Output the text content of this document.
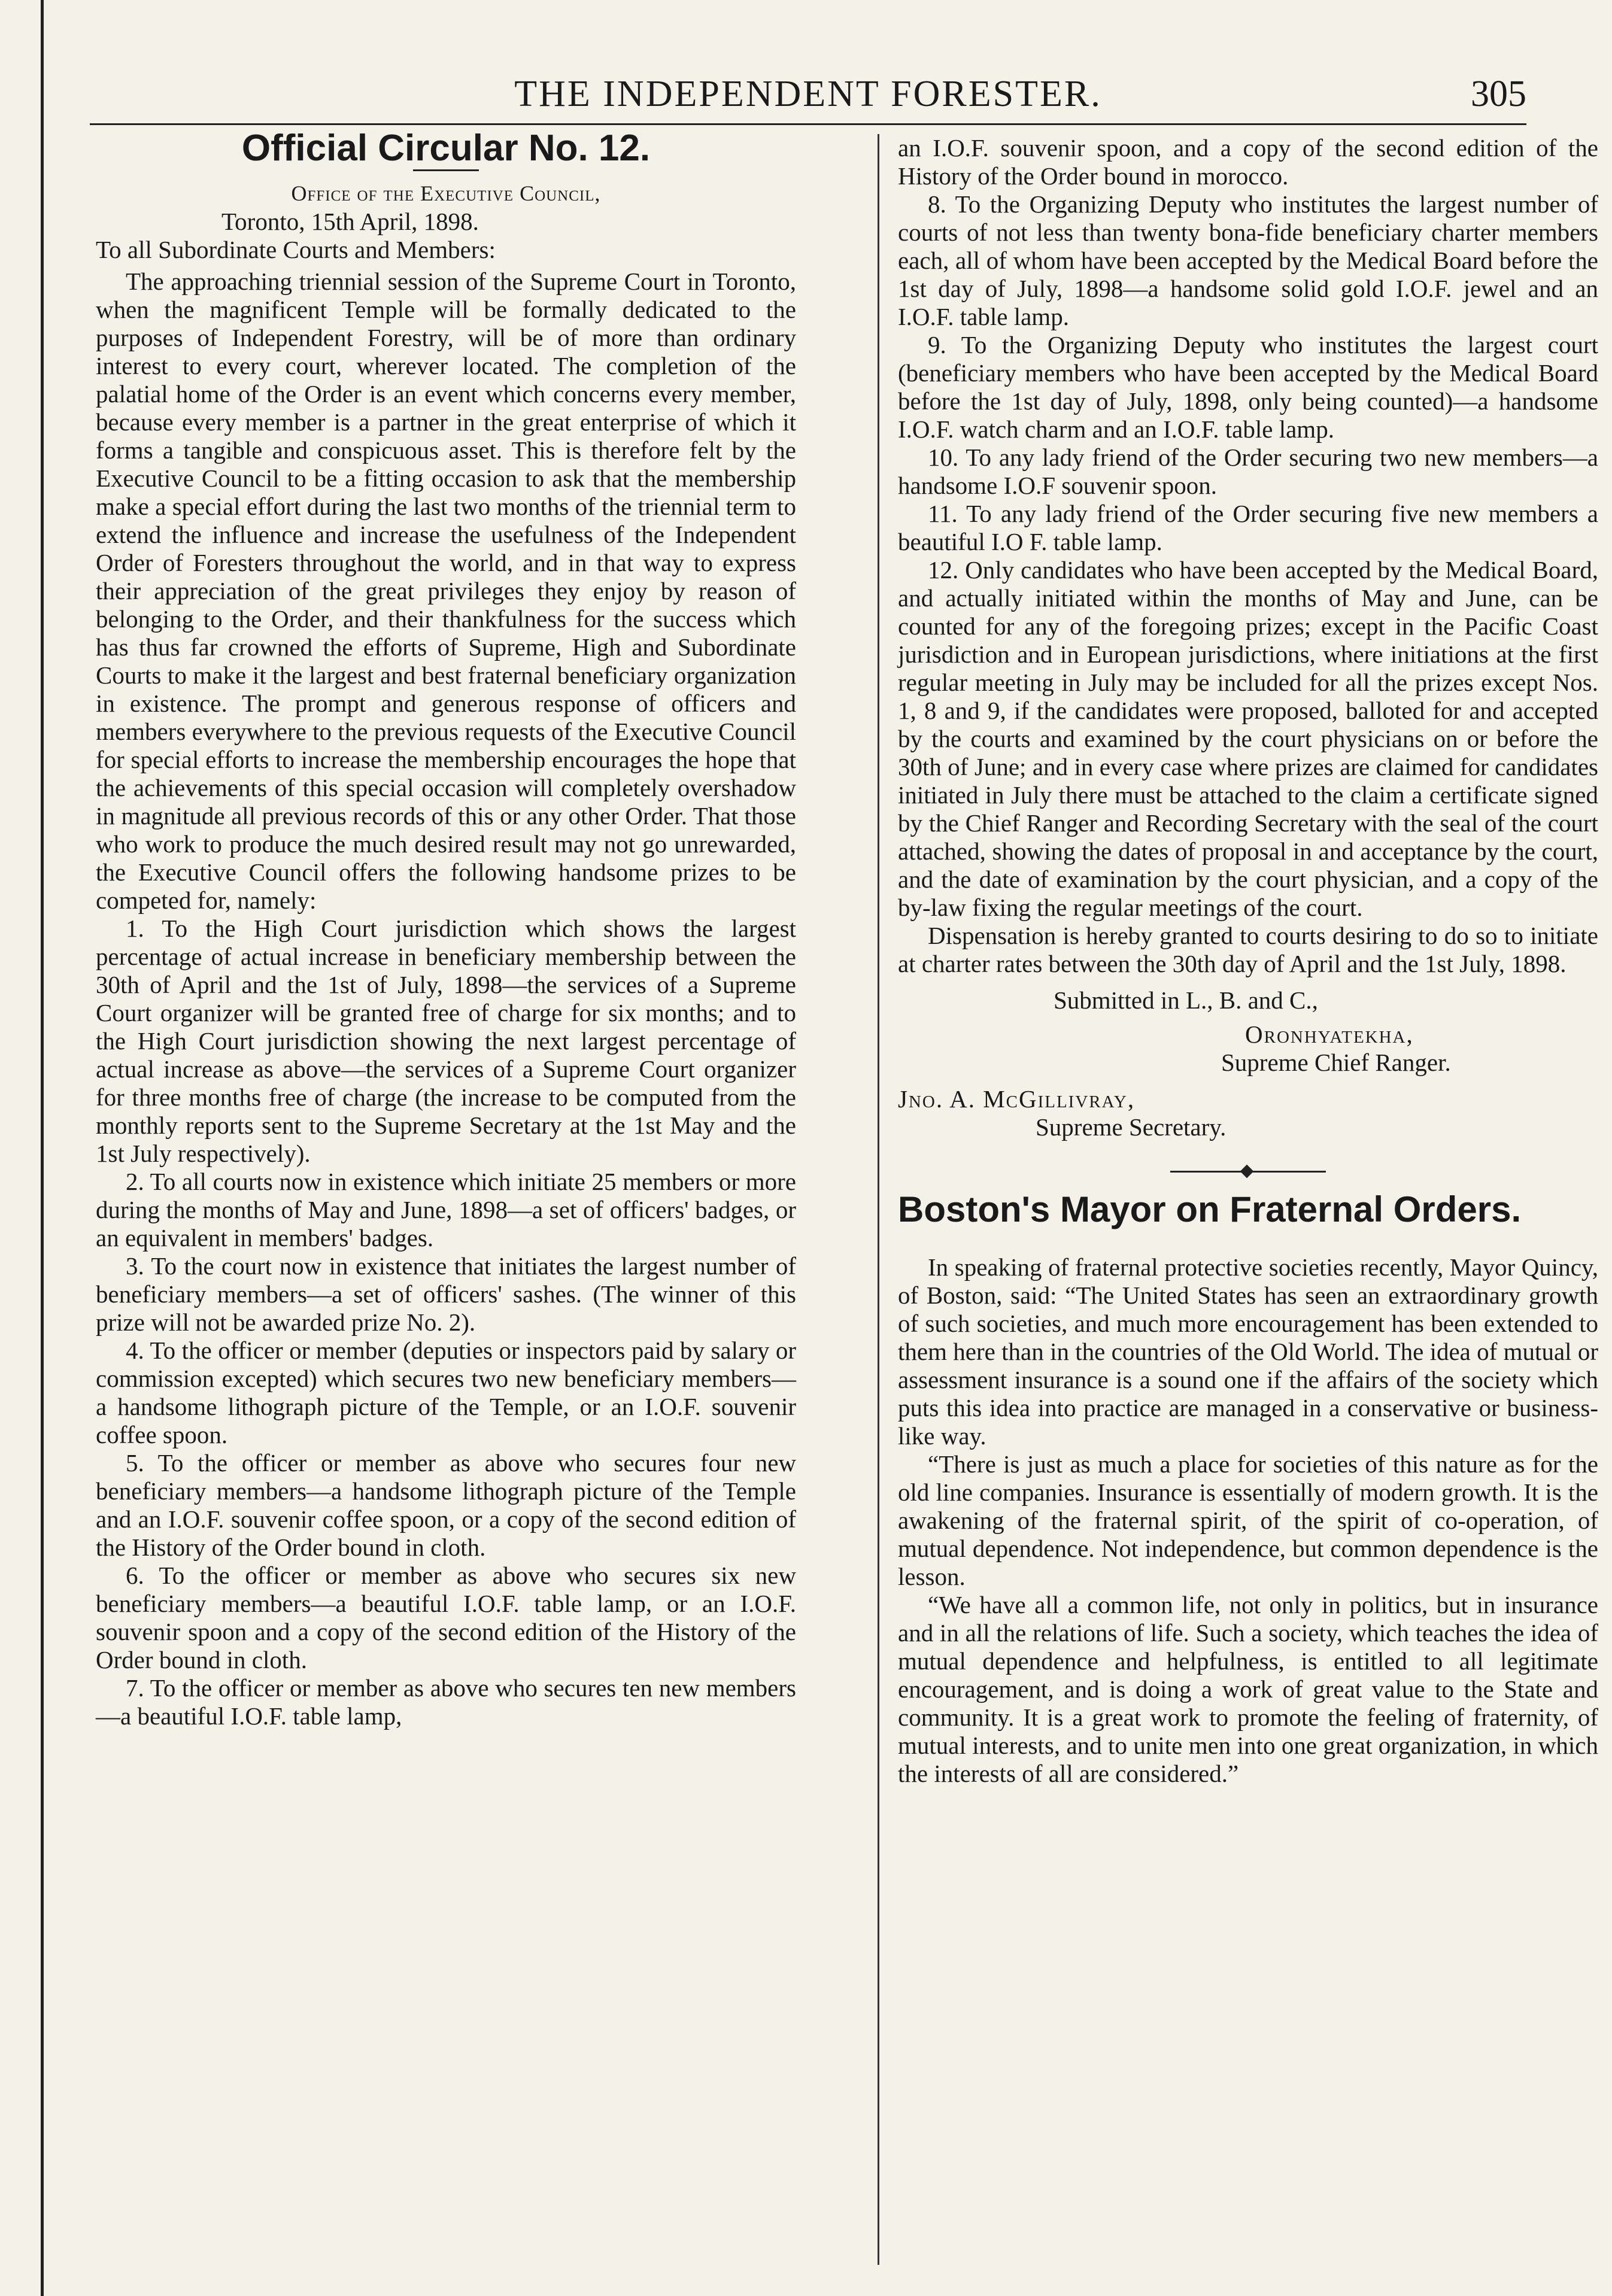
THE INDEPENDENT FORESTER.	305
Official Circular No. 12.
Office of the Executive Council,
Toronto, 15th April, 1898.
To all Subordinate Courts and Members:

The approaching triennial session of the Supreme Court in Toronto, when the magnificent Temple will be formally dedicated to the purposes of Independent Forestry, will be of more than ordinary interest to every court, wherever located. The completion of the palatial home of the Order is an event which concerns every member, because every member is a partner in the great enterprise of which it forms a tangible and conspicuous asset. This is therefore felt by the Executive Council to be a fitting occasion to ask that the membership make a special effort during the last two months of the triennial term to extend the influence and increase the usefulness of the Independent Order of Foresters throughout the world, and in that way to express their appreciation of the great privileges they enjoy by reason of belonging to the Order, and their thankfulness for the success which has thus far crowned the efforts of Supreme, High and Subordinate Courts to make it the largest and best fraternal beneficiary organization in existence. The prompt and generous response of officers and members everywhere to the previous requests of the Executive Council for special efforts to increase the membership encourages the hope that the achievements of this special occasion will completely overshadow in magnitude all previous records of this or any other Order. That those who work to produce the much desired result may not go unrewarded, the Executive Council offers the following handsome prizes to be competed for, namely:

1. To the High Court jurisdiction which shows the largest percentage of actual increase in beneficiary membership between the 30th of April and the 1st of July, 1898—the services of a Supreme Court organizer will be granted free of charge for six months; and to the High Court jurisdiction showing the next largest percentage of actual increase as above—the services of a Supreme Court organizer for three months free of charge (the increase to be computed from the monthly reports sent to the Supreme Secretary at the 1st May and the 1st July respectively).

2. To all courts now in existence which initiate 25 members or more during the months of May and June, 1898—a set of officers' badges, or an equivalent in members' badges.

3. To the court now in existence that initiates the largest number of beneficiary members—a set of officers' sashes. (The winner of this prize will not be awarded prize No. 2).

4. To the officer or member (deputies or inspectors paid by salary or commission excepted) which secures two new beneficiary members—a handsome lithograph picture of the Temple, or an I.O.F. souvenir coffee spoon.

5. To the officer or member as above who secures four new beneficiary members—a handsome lithograph picture of the Temple and an I.O.F. souvenir coffee spoon, or a copy of the second edition of the History of the Order bound in cloth.

6. To the officer or member as above who secures six new beneficiary members—a beautiful I.O.F. table lamp, or an I.O.F. souvenir spoon and a copy of the second edition of the History of the Order bound in cloth.

7. To the officer or member as above who secures ten new members—a beautiful I.O.F. table lamp,

an I.O.F. souvenir spoon, and a copy of the second edition of the History of the Order bound in morocco.

8. To the Organizing Deputy who institutes the largest number of courts of not less than twenty bona-fide beneficiary charter members each, all of whom have been accepted by the Medical Board before the 1st day of July, 1898—a handsome solid gold I.O.F. jewel and an I.O.F. table lamp.

9. To the Organizing Deputy who institutes the largest court (beneficiary members who have been accepted by the Medical Board before the 1st day of July, 1898, only being counted)—a handsome I.O.F. watch charm and an I.O.F. table lamp.

10. To any lady friend of the Order securing two new members—a handsome I.O.F souvenir spoon.

11. To any lady friend of the Order securing five new members a beautiful I.O F. table lamp.

12. Only candidates who have been accepted by the Medical Board, and actually initiated within the months of May and June, can be counted for any of the foregoing prizes; except in the Pacific Coast jurisdiction and in European jurisdictions, where initiations at the first regular meeting in July may be included for all the prizes except Nos. 1, 8 and 9, if the candidates were proposed, balloted for and accepted by the courts and examined by the court physicians on or before the 30th of June; and in every case where prizes are claimed for candidates initiated in July there must be attached to the claim a certificate signed by the Chief Ranger and Recording Secretary with the seal of the court attached, showing the dates of proposal in and acceptance by the court, and the date of examination by the court physician, and a copy of the by-law fixing the regular meetings of the court.

Dispensation is hereby granted to courts desiring to do so to initiate at charter rates between the 30th day of April and the 1st July, 1898.

Submitted in L., B. and C.,
Oronhyatekha,
Supreme Chief Ranger.
Jno. A. McGillivray,
Supreme Secretary.
Boston's Mayor on Fraternal Orders.

In speaking of fraternal protective societies recently, Mayor Quincy, of Boston, said: “The United States has seen an extraordinary growth of such societies, and much more encouragement has been extended to them here than in the countries of the Old World. The idea of mutual or assessment insurance is a sound one if the affairs of the society which puts this idea into practice are managed in a conservative or business-like way.

“There is just as much a place for societies of this nature as for the old line companies. Insurance is essentially of modern growth. It is the awakening of the fraternal spirit, of the spirit of co-operation, of mutual dependence. Not independence, but common dependence is the lesson.

“We have all a common life, not only in politics, but in insurance and in all the relations of life. Such a society, which teaches the idea of mutual dependence and helpfulness, is entitled to all legitimate encouragement, and is doing a work of great value to the State and community. It is a great work to promote the feeling of fraternity, of mutual interests, and to unite men into one great organization, in which the interests of all are considered.”
